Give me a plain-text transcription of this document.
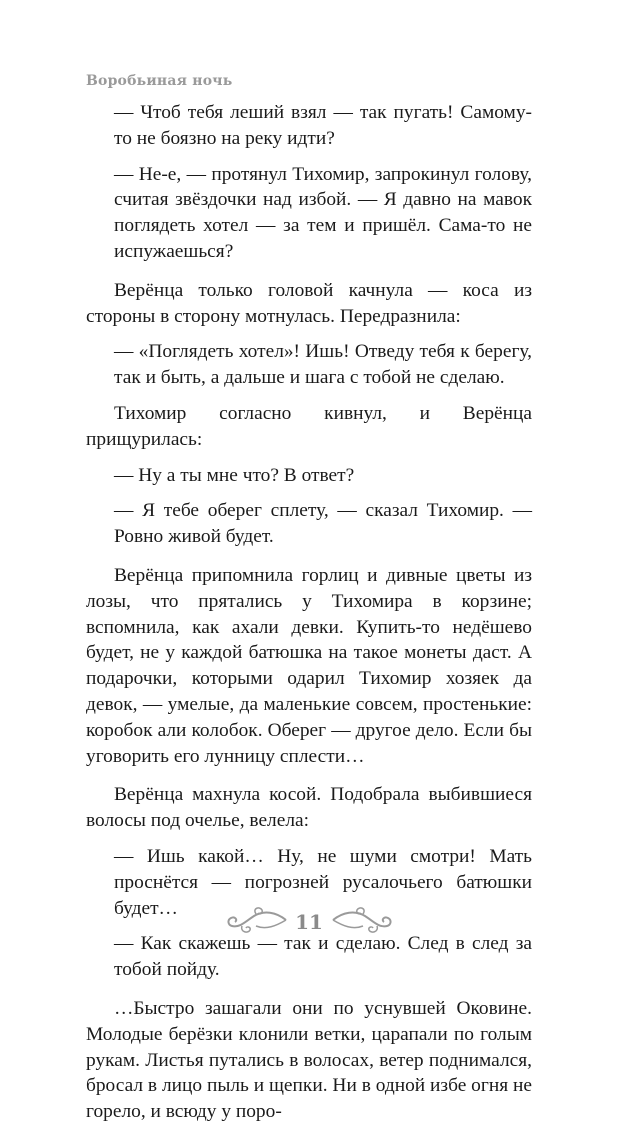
Воробьиная ночь

— Чтоб тебя леший взял — так пугать! Самому-то не боязно на реку идти?

— Не-е, — протянул Тихомир, запрокинул голову, считая звёздочки над избой. — Я давно на мавок поглядеть хотел — за тем и пришёл. Сама-то не испужаешься?

Верёнца только головой качнула — коса из стороны в сторону мотнулась. Передразнила:

— «Поглядеть хотел»! Ишь! Отведу тебя к берегу, так и быть, а дальше и шага с тобой не сделаю.

Тихомир согласно кивнул, и Верёнца прищурилась:

— Ну а ты мне что? В ответ?

— Я тебе оберег сплету, — сказал Тихомир. — Ровно живой будет.

Верёнца припомнила горлиц и дивные цветы из лозы, что прятались у Тихомира в корзине; вспомнила, как ахали девки. Купить-то недёшево будет, не у каждой батюшка на такое монеты даст. А подарочки, которыми одарил Тихомир хозяек да девок, — умелые, да маленькие совсем, простенькие: коробок али колобок. Оберег — другое дело. Если бы уговорить его лунницу сплести…

Верёнца махнула косой. Подобрала выбившиеся волосы под очелье, велела:

— Ишь какой… Ну, не шуми смотри! Мать проснётся — погрозней русалочьего батюшки будет…

— Как скажешь — так и сделаю. След в след за тобой пойду.

…Быстро зашагали они по уснувшей Оковине. Молодые берёзки клонили ветки, царапали по голым рукам. Листья путались в волосах, ветер поднимался, бросал в лицо пыль и щепки. Ни в одной избе огня не горело, и всюду у поро-

11
